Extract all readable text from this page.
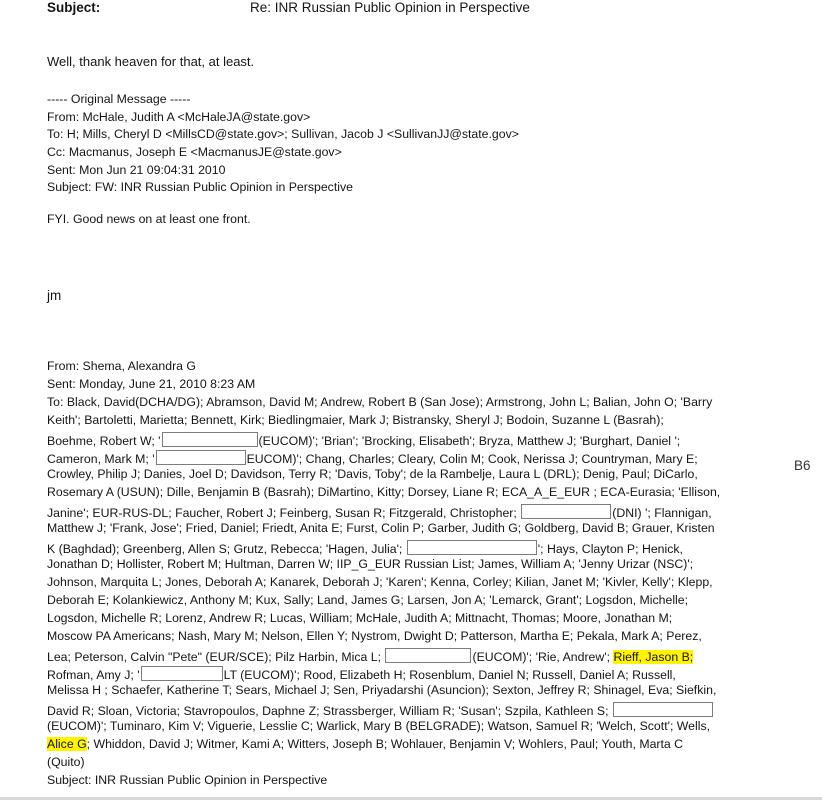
Subject:	Re: INR Russian Public Opinion in Perspective
Well, thank heaven for that, at least.
----- Original Message -----
From: McHale, Judith A <McHaleJA@state.gov>
To: H; Mills, Cheryl D <MillsCD@state.gov>; Sullivan, Jacob J <SullivanJJ@state.gov>
Cc: Macmanus, Joseph E <MacmanusJE@state.gov>
Sent: Mon Jun 21 09:04:31 2010
Subject: FW: INR Russian Public Opinion in Perspective
FYI. Good news on at least one front.
jm
From: Shema, Alexandra G
Sent: Monday, June 21, 2010 8:23 AM
To: Black, David(DCHA/DG); Abramson, David M; Andrew, Robert B (San Jose); Armstrong, John L; Balian, John O; 'Barry
Keith'; Bartoletti, Marietta; Bennett, Kirk; Biedlingmaier, Mark J; Bistransky, Sheryl J; Bodoin, Suzanne L (Basrah);
Boehme, Robert W; '	(EUCOM)'; 'Brian'; 'Brocking, Elisabeth'; Bryza, Matthew J; 'Burghart, Daniel ';
Cameron, Mark M; '	EUCOM)'; Chang, Charles; Cleary, Colin M; Cook, Nerissa J; Countryman, Mary E;
Crowley, Philip J; Danies, Joel D; Davidson, Terry R; 'Davis, Toby'; de la Rambelje, Laura L (DRL); Denig, Paul; DiCarlo,
Rosemary A (USUN); Dille, Benjamin B (Basrah); DiMartino, Kitty; Dorsey, Liane R; ECA_A_E_EUR ; ECA-Eurasia; 'Ellison,
Janine'; EUR-RUS-DL; Faucher, Robert J; Feinberg, Susan R; Fitzgerald, Christopher;	(DNI) '; Flannigan,
Matthew J; 'Frank, Jose'; Fried, Daniel; Friedt, Anita E; Furst, Colin P; Garber, Judith G; Goldberg, David B; Grauer, Kristen
K (Baghdad); Greenberg, Allen S; Grutz, Rebecca; 'Hagen, Julia';	'; Hays, Clayton P; Henick,
Jonathan D; Hollister, Robert M; Hultman, Darren W; IIP_G_EUR Russian List; James, William A; 'Jenny Urizar (NSC)';
Johnson, Marquita L; Jones, Deborah A; Kanarek, Deborah J; 'Karen'; Kenna, Corley; Kilian, Janet M; 'Kivler, Kelly'; Klepp,
Deborah E; Kolankiewicz, Anthony M; Kux, Sally; Land, James G; Larsen, Jon A; 'Lemarck, Grant'; Logsdon, Michelle;
Logsdon, Michelle R; Lorenz, Andrew R; Lucas, William; McHale, Judith A; Mittnacht, Thomas; Moore, Jonathan M;
Moscow PA Americans; Nash, Mary M; Nelson, Ellen Y; Nystrom, Dwight D; Patterson, Martha E; Pekala, Mark A; Perez,
Lea; Peterson, Calvin "Pete" (EUR/SCE); Pilz Harbin, Mica L;	(EUCOM)'; 'Rie, Andrew'; Rieff, Jason B;
Rofman, Amy J; '	LT (EUCOM)'; Rood, Elizabeth H; Rosenblum, Daniel N; Russell, Daniel A; Russell,
Melissa H ; Schaefer, Katherine T; Sears, Michael J; Sen, Priyadarshi (Asuncion); Sexton, Jeffrey R; Shinagel, Eva; Siefkin,
David R; Sloan, Victoria; Stavropoulos, Daphne Z; Strassberger, William R; 'Susan'; Szpila, Kathleen S;
(EUCOM)'; Tuminaro, Kim V; Viguerie, Lesslie C; Warlick, Mary B (BELGRADE); Watson, Samuel R; 'Welch, Scott'; Wells,
Alice G; Whiddon, David J; Witmer, Kami A; Witters, Joseph B; Wohlauer, Benjamin V; Wohlers, Paul; Youth, Marta C
(Quito)
Subject: INR Russian Public Opinion in Perspective
B6
